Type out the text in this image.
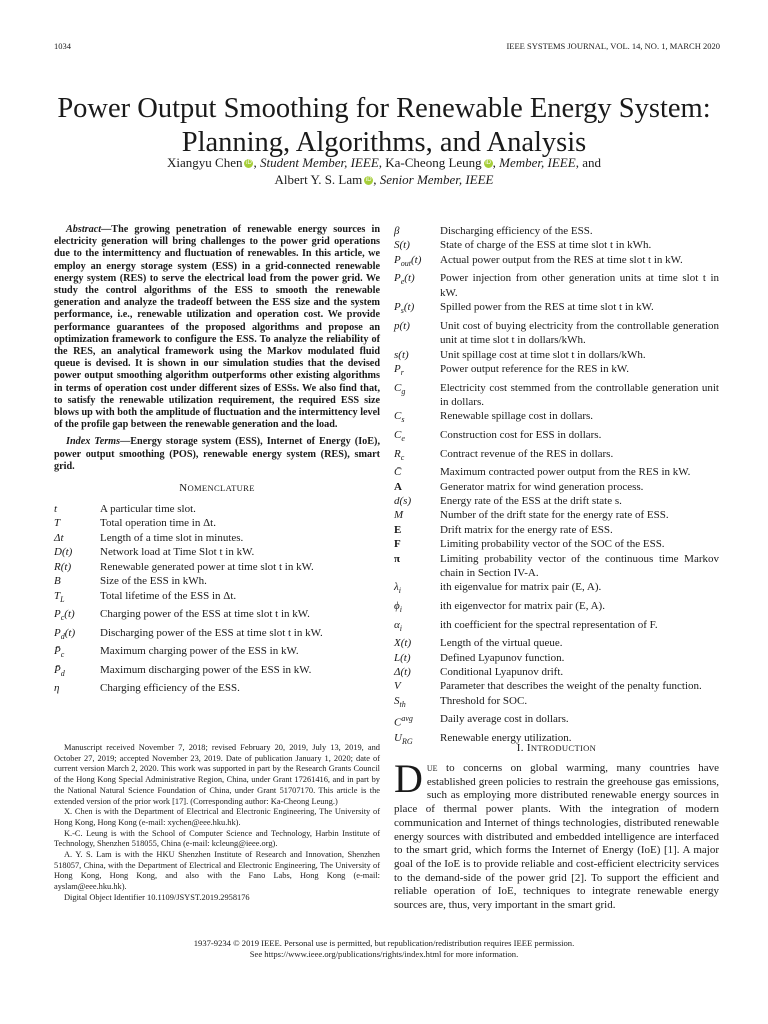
1034	IEEE SYSTEMS JOURNAL, VOL. 14, NO. 1, MARCH 2020
Power Output Smoothing for Renewable Energy System: Planning, Algorithms, and Analysis
Xiangyu Chen iD , Student Member, IEEE, Ka-Cheong Leung iD , Member, IEEE, and
Albert Y. S. Lam iD , Senior Member, IEEE

Abstract—The growing penetration of renewable energy sources in electricity generation will bring challenges to the power grid operations due to the intermittency and fluctuation of renewables. In this article, we employ an energy storage system (ESS) in a grid-connected renewable energy system (RES) to serve the electrical load from the power grid. We study the control algorithms of the ESS to smooth the renewable generation and analyze the tradeoff between the ESS size and the system performance, i.e., renewable utilization and operation cost. We provide performance guarantees of the proposed algorithms and propose an optimization framework to configure the ESS. To analyze the reliability of the RES, an analytical framework using the Markov modulated fluid queue is devised. It is shown in our simulation studies that the devised power output smoothing algorithm outperforms other existing algorithms in terms of operation cost under different sizes of ESSs. We also find that, to satisfy the renewable utilization requirement, the required ESS size blows up with both the amplitude of fluctuation and the intermittency level of the profile gap between the renewable generation and the load.

Index Terms—Energy storage system (ESS), Internet of Energy (IoE), power output smoothing (POS), renewable energy system (RES), smart grid.

NOMENCLATURE
t	A particular time slot.
T	Total operation time in Δt.
Δt	Length of a time slot in minutes.
D(t)	Network load at Time Slot t in kW.
R(t)	Renewable generated power at time slot t in kW.
B	Size of the ESS in kWh.
$T_L$	Total lifetime of the ESS in Δt.
$P_c(t)$	Charging power of the ESS at time slot t in kW.
$P_d(t)$	Discharging power of the ESS at time slot t in kW.
$P̄_c$	Maximum charging power of the ESS in kW.
$P̄_d$	Maximum discharging power of the ESS in kW.
η	Charging efficiency of the ESS.
β	Discharging efficiency of the ESS.
S(t)	State of charge of the ESS at time slot t in kWh.
$P_{out}(t)$	Actual power output from the RES at time slot t in kW.
$P_e(t)$	Power injection from other generation units at time slot t in kW.
$P_s(t)$	Spilled power from the RES at time slot t in kW.
p(t)	Unit cost of buying electricity from the controllable generation unit at time slot t in dollars/kWh.
s(t)	Unit spillage cost at time slot t in dollars/kWh.
$P_r$	Power output reference for the RES in kW.
$C_g$	Electricity cost stemmed from the controllable generation unit in dollars.
$C_s$	Renewable spillage cost in dollars.
$C_e$	Construction cost for ESS in dollars.
$R_c$	Contract revenue of the RES in dollars.
C̄	Maximum contracted power output from the RES in kW.
A	Generator matrix for wind generation process.
d(s)	Energy rate of the ESS at the drift state s.
M	Number of the drift state for the energy rate of ESS.
E	Drift matrix for the energy rate of ESS.
F	Limiting probability vector of the SOC of the ESS.
π	Limiting probability vector of the continuous time Markov chain in Section IV-A.
$\lambda_i$	ith eigenvalue for matrix pair (E, A).
$\phi_i$	ith eigenvector for matrix pair (E, A).
$\alpha_i$	ith coefficient for the spectral representation of F.
X(t)	Length of the virtual queue.
L(t)	Defined Lyapunov function.
Δ(t)	Conditional Lyapunov drift.
V	Parameter that describes the weight of the penalty function.
$S_{th}$	Threshold for SOC.
$C^{avg}$	Daily average cost in dollars.
$U_{RG}$	Renewable energy utilization.

Manuscript received November 7, 2018; revised February 20, 2019, July 13, 2019, and October 27, 2019; accepted November 23, 2019. Date of publication January 1, 2020; date of current version March 2, 2020. This work was supported in part by the Research Grants Council of the Hong Kong Special Administrative Region, China, under Grant 17261416, and in part by the National Natural Science Foundation of China, under Grant 51707170. This article is the extended version of the prior work [17]. (Corresponding author: Ka-Cheong Leung.)

X. Chen is with the Department of Electrical and Electronic Engineering, The University of Hong Kong, Hong Kong (e-mail: xychen@eee.hku.hk).

K.-C. Leung is with the School of Computer Science and Technology, Harbin Institute of Technology, Shenzhen 518055, China (e-mail: kcleung@ieee.org).

A. Y. S. Lam is with the HKU Shenzhen Institute of Research and Innovation, Shenzhen 518057, China, with the Department of Electrical and Electronic Engineering, The University of Hong Kong, Hong Kong, and also with the Fano Labs, Hong Kong (e-mail: ayslam@eee.hku.hk).

Digital Object Identifier 10.1109/JSYST.2019.2958176

I. INTRODUCTION

Due to concerns on global warming, many countries have established green policies to restrain the greehouse gas emissions, such as employing more distributed renewable energy sources in place of thermal power plants. With the integration of modern communication and Internet of things technologies, distributed renewable energy sources with distributed and embedded intelligence are interfaced to the smart grid, which forms the Internet of Energy (IoE) [1]. A major goal of the IoE is to provide reliable and cost-efficient electricity services to the demand-side of the power grid [2]. To support the efficient and reliable operation of IoE, techniques to integrate renewable energy sources are, thus, very important in the smart grid.

1937-9234 © 2019 IEEE. Personal use is permitted, but republication/redistribution requires IEEE permission.
See https://www.ieee.org/publications/rights/index.html for more information.
